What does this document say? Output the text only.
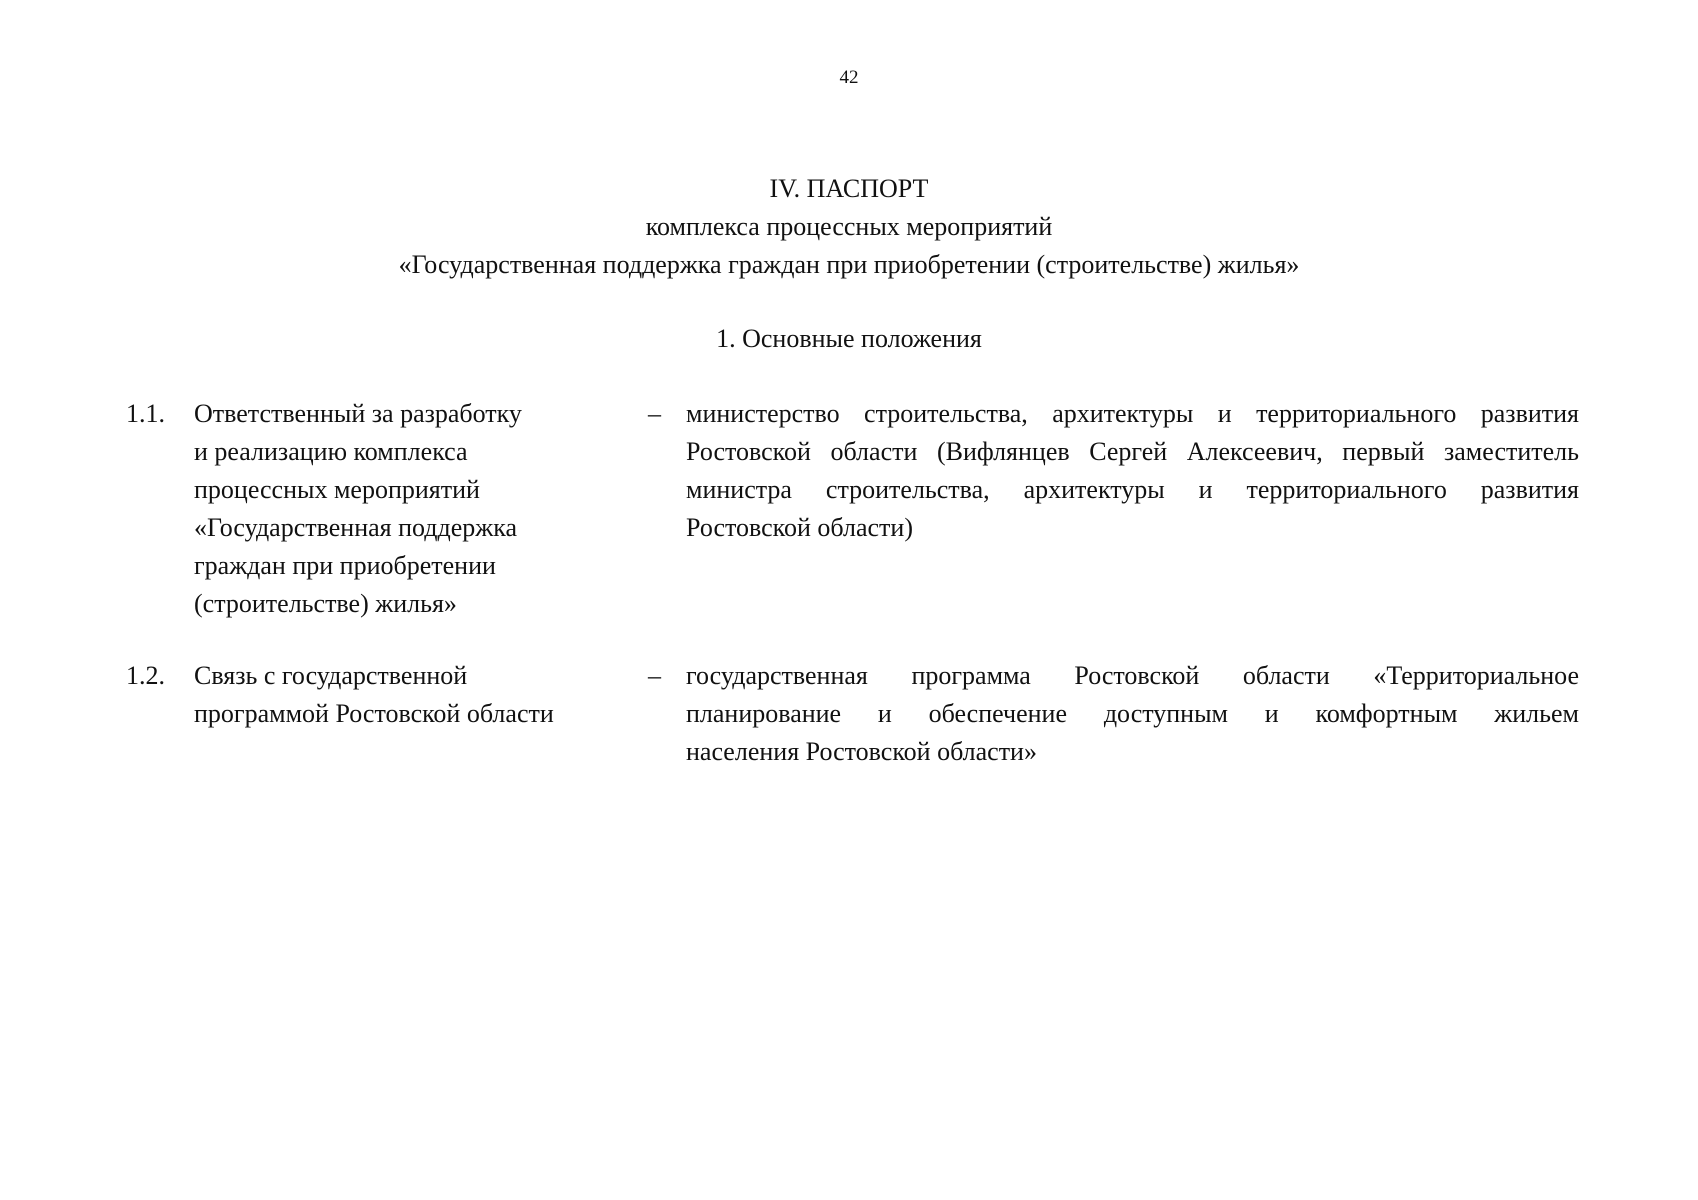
42
IV. ПАСПОРТ
комплекса процессных мероприятий
«Государственная поддержка граждан при приобретении (строительстве) жилья»
1. Основные положения
1.1.	Ответственный за разработку
и реализацию комплекса
процессных мероприятий
«Государственная поддержка
граждан при приобретении
(строительстве) жилья»
– министерство строительства, архитектуры и территориального развития
Ростовской области (Вифлянцев Сергей Алексеевич, первый заместитель
министра строительства, архитектуры и территориального развития
Ростовской области)
1.2.	Связь с государственной
программой Ростовской области
– государственная программа Ростовской области «Территориальное
планирование и обеспечение доступным и комфортным жильем
населения Ростовской области»
